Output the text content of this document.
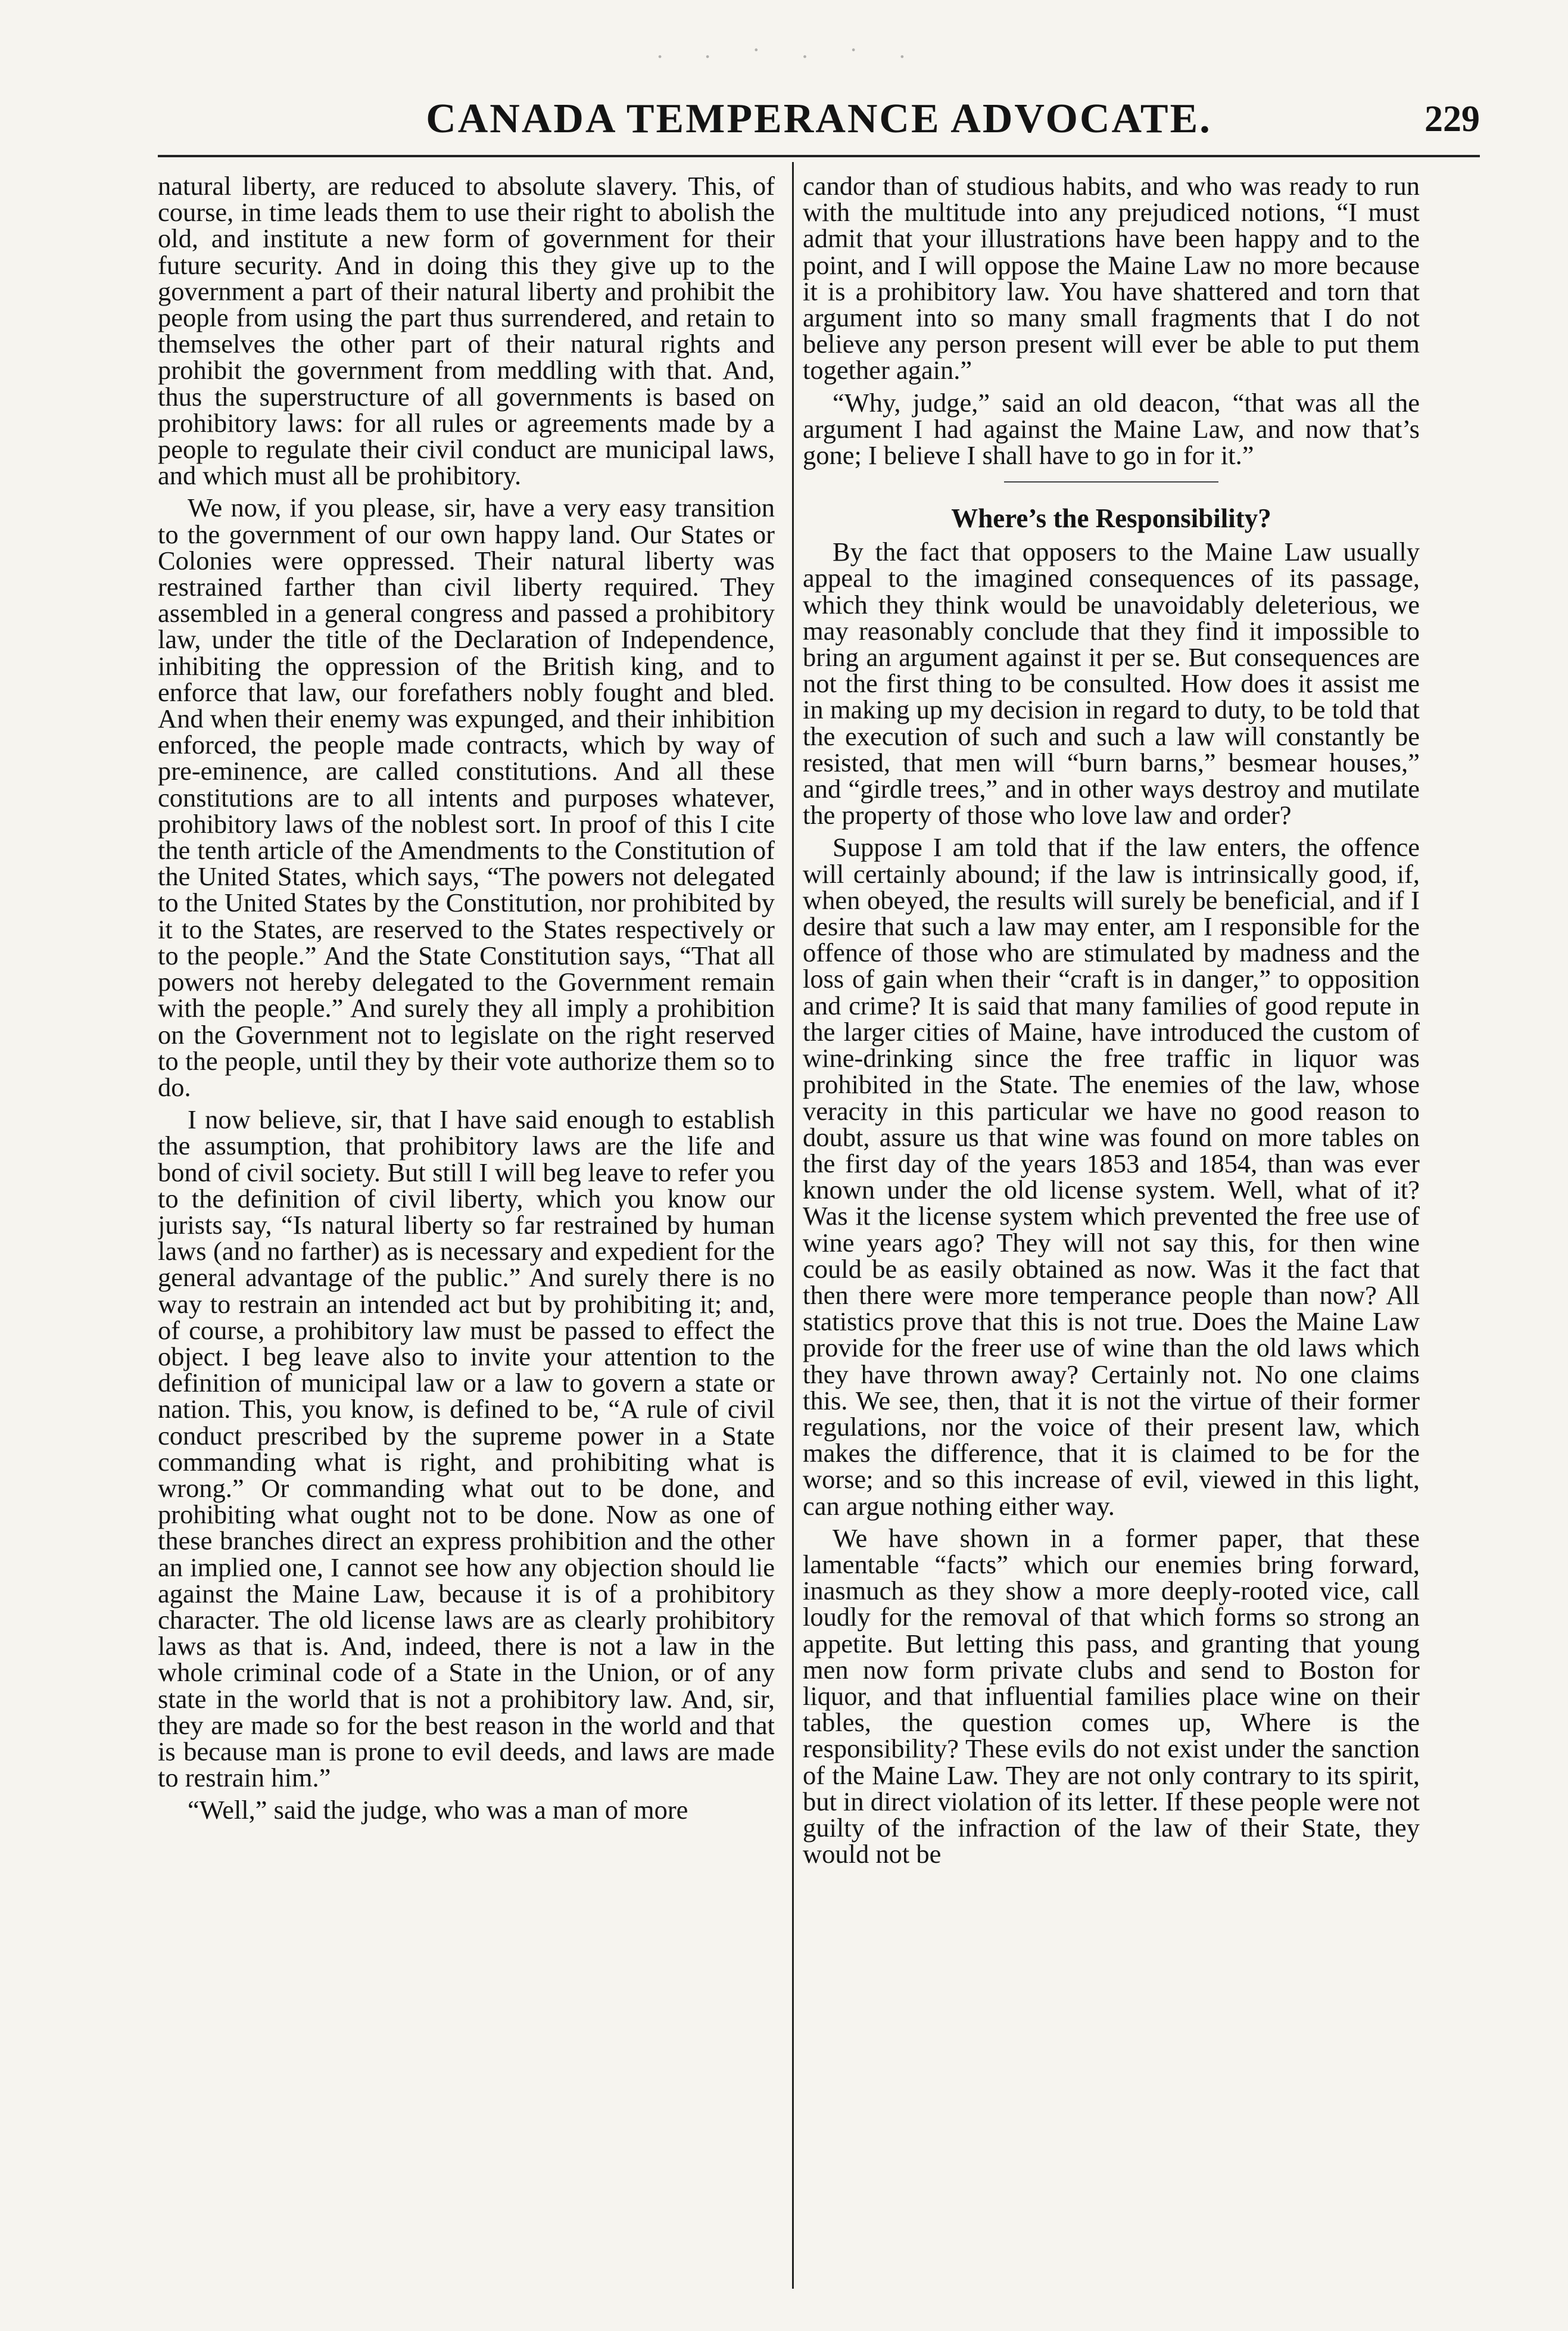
.   .   ·   .   ·   .
CANADA TEMPERANCE ADVOCATE.	229

natural liberty, are reduced to absolute slavery. This, of course, in time leads them to use their right to abolish the old, and institute a new form of government for their future security. And in doing this they give up to the government a part of their natural liberty and prohibit the people from using the part thus surrendered, and retain to themselves the other part of their natural rights and prohibit the government from meddling with that. And, thus the superstructure of all governments is based on prohibitory laws: for all rules or agreements made by a people to regulate their civil conduct are municipal laws, and which must all be prohibitory.

We now, if you please, sir, have a very easy transition to the government of our own happy land. Our States or Colonies were oppressed. Their natural liberty was restrained farther than civil liberty required. They assembled in a general congress and passed a prohibitory law, under the title of the Declaration of Independence, inhibiting the oppression of the British king, and to enforce that law, our forefathers nobly fought and bled. And when their enemy was expunged, and their inhibition enforced, the people made contracts, which by way of pre-eminence, are called constitutions. And all these constitutions are to all intents and purposes whatever, prohibitory laws of the noblest sort. In proof of this I cite the tenth article of the Amendments to the Constitution of the United States, which says, “The powers not delegated to the United States by the Constitution, nor prohibited by it to the States, are reserved to the States respectively or to the people.” And the State Constitution says, “That all powers not hereby delegated to the Government remain with the people.” And surely they all imply a prohibition on the Government not to legislate on the right reserved to the people, until they by their vote authorize them so to do.

I now believe, sir, that I have said enough to establish the assumption, that prohibitory laws are the life and bond of civil society. But still I will beg leave to refer you to the definition of civil liberty, which you know our jurists say, “Is natural liberty so far restrained by human laws (and no farther) as is necessary and expedient for the general advantage of the public.” And surely there is no way to restrain an intended act but by prohibiting it; and, of course, a prohibitory law must be passed to effect the object. I beg leave also to invite your attention to the definition of municipal law or a law to govern a state or nation. This, you know, is defined to be, “A rule of civil conduct prescribed by the supreme power in a State commanding what is right, and prohibiting what is wrong.” Or commanding what out to be done, and prohibiting what ought not to be done. Now as one of these branches direct an express prohibition and the other an implied one, I cannot see how any objection should lie against the Maine Law, because it is of a prohibitory character. The old license laws are as clearly prohibitory laws as that is. And, indeed, there is not a law in the whole criminal code of a State in the Union, or of any state in the world that is not a prohibitory law. And, sir, they are made so for the best reason in the world and that is because man is prone to evil deeds, and laws are made to restrain him.”

“Well,” said the judge, who was a man of more

candor than of studious habits, and who was ready to run with the multitude into any prejudiced notions, “I must admit that your illustrations have been happy and to the point, and I will oppose the Maine Law no more because it is a prohibitory law. You have shattered and torn that argument into so many small fragments that I do not believe any person present will ever be able to put them together again.”

“Why, judge,” said an old deacon, “that was all the argument I had against the Maine Law, and now that’s gone; I believe I shall have to go in for it.”

Where’s the Responsibility?

By the fact that opposers to the Maine Law usually appeal to the imagined consequences of its passage, which they think would be unavoidably deleterious, we may reasonably conclude that they find it impossible to bring an argument against it per se. But consequences are not the first thing to be consulted. How does it assist me in making up my decision in regard to duty, to be told that the execution of such and such a law will constantly be resisted, that men will “burn barns,” besmear houses,” and “girdle trees,” and in other ways destroy and mutilate the property of those who love law and order?

Suppose I am told that if the law enters, the offence will certainly abound; if the law is intrinsically good, if, when obeyed, the results will surely be beneficial, and if I desire that such a law may enter, am I responsible for the offence of those who are stimulated by madness and the loss of gain when their “craft is in danger,” to opposition and crime? It is said that many families of good repute in the larger cities of Maine, have introduced the custom of wine-drinking since the free traffic in liquor was prohibited in the State. The enemies of the law, whose veracity in this particular we have no good reason to doubt, assure us that wine was found on more tables on the first day of the years 1853 and 1854, than was ever known under the old license system. Well, what of it? Was it the license system which prevented the free use of wine years ago? They will not say this, for then wine could be as easily obtained as now. Was it the fact that then there were more temperance people than now? All statistics prove that this is not true. Does the Maine Law provide for the freer use of wine than the old laws which they have thrown away? Certainly not. No one claims this. We see, then, that it is not the virtue of their former regulations, nor the voice of their present law, which makes the difference, that it is claimed to be for the worse; and so this increase of evil, viewed in this light, can argue nothing either way.

We have shown in a former paper, that these lamentable “facts” which our enemies bring forward, inasmuch as they show a more deeply-rooted vice, call loudly for the removal of that which forms so strong an appetite. But letting this pass, and granting that young men now form private clubs and send to Boston for liquor, and that influential families place wine on their tables, the question comes up, Where is the responsibility? These evils do not exist under the sanction of the Maine Law. They are not only contrary to its spirit, but in direct violation of its letter. If these people were not guilty of the infraction of the law of their State, they would not be
